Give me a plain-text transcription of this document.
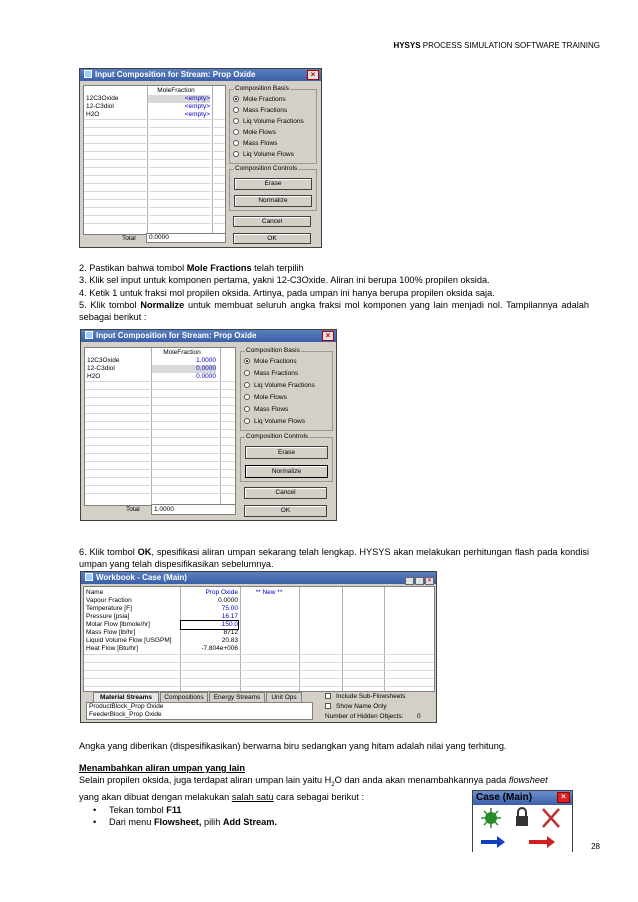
HYSYS PROCESS SIMULATION SOFTWARE TRAINING
Input Composition for Stream: Prop Oxide	×
MoleFraction
12C3Oxide	<empty>
12-C3diol	<empty>
H2O	<empty>
Composition Basis
Mole Fractions
Mass Fractions
Liq Volume Fractions
Mole Flows
Mass Flows
Liq Volume Flows
Composition Controls
Erase
Normalize
Cancel
OK
Total	0.0000
2. Pastikan bahwa tombol Mole Fractions telah terpilih
3. Klik sel input untuk komponen pertama, yakni 12-C3Oxide. Aliran ini berupa 100% propilen oksida.
4. Ketik 1 untuk fraksi mol propilen oksida. Artinya, pada umpan ini hanya berupa propilen oksida saja.
5. Klik tombol Normalize untuk membuat seluruh angka fraksi mol komponen yang lain menjadi nol. Tampilannya adalah sebagai berikut :
Input Composition for Stream: Prop Oxide	×
MoleFraction
12C3Oxide	1.0000
12-C3diol	0.0000
H2O	0.0000
Composition Basis
Mole Fractions
Mass Fractions
Liq Volume Fractions
Mole Flows
Mass Flows
Liq Volume Flows
Composition Controls
Erase
Normalize
Cancel
OK
Total	1.0000
6. Klik tombol OK, spesifikasi aliran umpan sekarang telah lengkap. HYSYS akan melakukan perhitungan flash pada kondisi umpan yang telah dispesifikasikan sebelumnya.
Workbook - Case (Main)	_ □ ×
Name	Prop Oxide	** New **
Vapour Fraction	0.0000
Temperature [F]	75.00
Pressure [psia]	16.17
Molar Flow [lbmole/hr]	150.0
Mass Flow [lb/hr]	8712
Liquid Volume Flow [USGPM]	20.83
Heat Flow [Btu/hr]	-7.804e+006
Material Streams	Compositions	Energy Streams	Unit Ops
ProductBlock_Prop Oxide
FeederBlock_Prop Oxide
Include Sub-Flowsheets
Show Name Only
Number of Hidden Objects: 0
Angka yang diberikan (dispesifikasikan) berwarna biru sedangkan yang hitam adalah nilai yang terhitung.
Menambahkan aliran umpan yang lain
Selain propilen oksida, juga terdapat aliran umpan lain yaitu $H_2O$ dan anda akan menambahkannya pada flowsheet
yang akan dibuat dengan melakukan salah satu cara sebagai berikut :
• Tekan tombol F11
• Dari menu Flowsheet, pilih Add Stream.
Case (Main)	×
28
